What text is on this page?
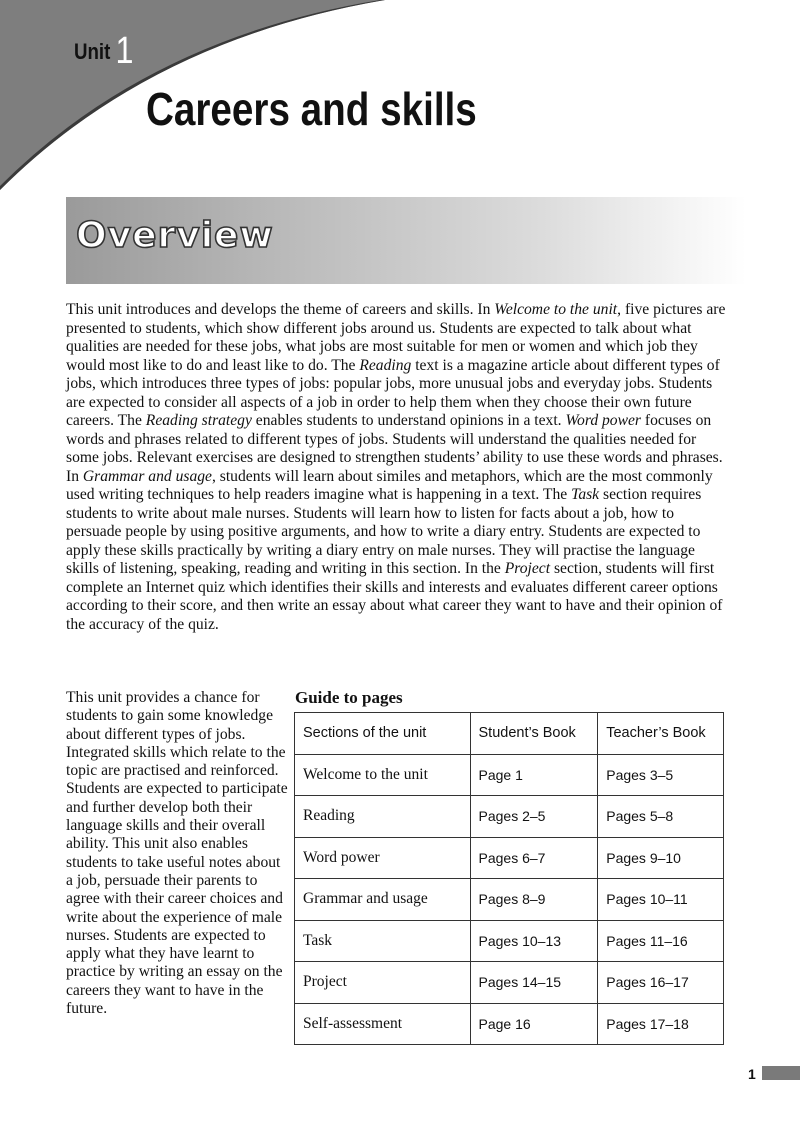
Unit 1
Careers and skills
Overview
This unit introduces and develops the theme of careers and skills. In Welcome to the unit, five pictures are presented to students, which show different jobs around us. Students are expected to talk about what qualities are needed for these jobs, what jobs are most suitable for men or women and which job they would most like to do and least like to do. The Reading text is a magazine article about different types of jobs, which introduces three types of jobs: popular jobs, more unusual jobs and everyday jobs. Students are expected to consider all aspects of a job in order to help them when they choose their own future careers. The Reading strategy enables students to understand opinions in a text. Word power focuses on words and phrases related to different types of jobs. Students will understand the qualities needed for some jobs. Relevant exercises are designed to strengthen students’ ability to use these words and phrases. In Grammar and usage, students will learn about similes and metaphors, which are the most commonly used writing techniques to help readers imagine what is happening in a text. The Task section requires students to write about male nurses. Students will learn how to listen for facts about a job, how to persuade people by using positive arguments, and how to write a diary entry. Students are expected to apply these skills practically by writing a diary entry on male nurses. They will practise the language skills of listening, speaking, reading and writing in this section. In the Project section, students will first complete an Internet quiz which identifies their skills and interests and evaluates different career options according to their score, and then write an essay about what career they want to have and their opinion of the accuracy of the quiz.
This unit provides a chance for students to gain some knowledge about different types of jobs. Integrated skills which relate to the topic are practised and reinforced. Students are expected to participate and further develop both their language skills and their overall ability. This unit also enables students to take useful notes about a job, persuade their parents to agree with their career choices and write about the experience of male nurses. Students are expected to apply what they have learnt to practice by writing an essay on the careers they want to have in the future.
Guide to pages
Sections of the unit	Student’s Book	Teacher’s Book
Welcome to the unit	Page 1	Pages 3–5
Reading	Pages 2–5	Pages 5–8
Word power	Pages 6–7	Pages 9–10
Grammar and usage	Pages 8–9	Pages 10–11
Task	Pages 10–13	Pages 11–16
Project	Pages 14–15	Pages 16–17
Self-assessment	Page 16	Pages 17–18
1
